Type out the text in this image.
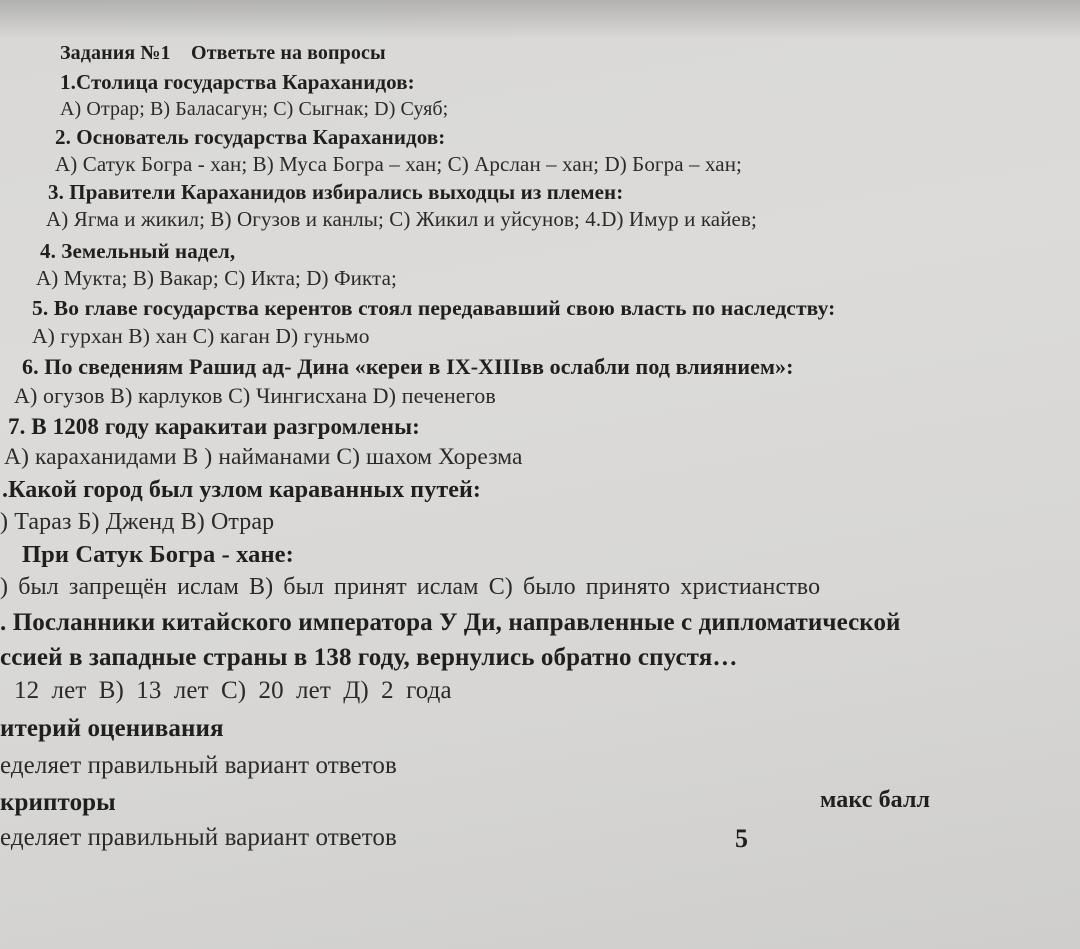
Задания №1 Ответьте на вопросы
1.Столица государства Караханидов:
А) Отрар; В) Баласагун; С) Сыгнак; D) Суяб;
2. Основатель государства Караханидов:
А) Сатук Богра - хан; В) Муса Богра – хан; С) Арслан – хан; D) Богра – хан;
3. Правители Караханидов избирались выходцы из племен:
А) Ягма и жикил; В) Огузов и канлы; С) Жикил и уйсунов; 4.D) Имур и кайев;
4. Земельный надел,
А) Мукта; В) Вакар; С) Икта; D) Фикта;
5. Во главе государства керентов стоял передававший свою власть по наследству:
А) гурхан В) хан С) каган D) гуньмо
6. По сведениям Рашид ад- Дина «кереи в IX-XIIIвв ослабли под влиянием»:
А) огузов В) карлуков С) Чингисхана D) печенегов
7. В 1208 году каракитаи разгромлены:
А) караханидами В ) найманами С) шахом Хорезма
.Какой город был узлом караванных путей:
) Тараз Б) Дженд В) Отрар
При Сатук Богра - хане:
) был запрещён ислам В) был принят ислам С) было принято христианство
. Посланники китайского императора У Ди, направленные с дипломатической
ссией в западные страны в 138 году, вернулись обратно спустя…
12 лет В) 13 лет С) 20 лет Д) 2 года
итерий оценивания
еделяет правильный вариант ответов
крипторы	макс балл
еделяет правильный вариант ответов	5
